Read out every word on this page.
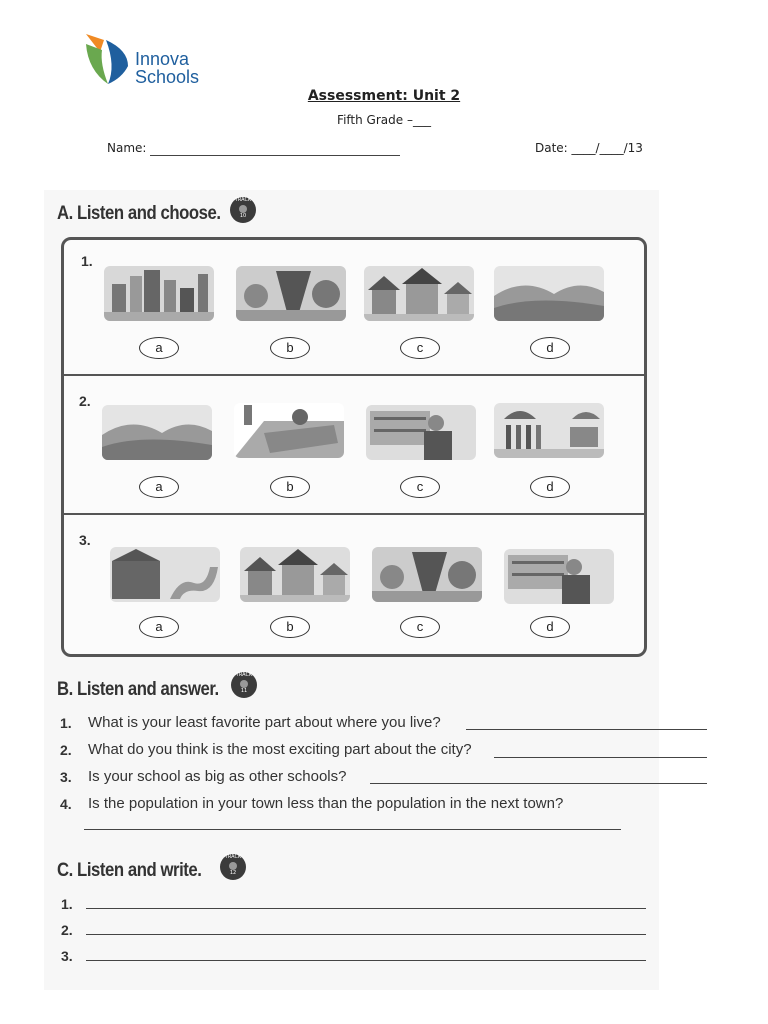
Innova
Schools
Assessment: Unit 2
Fifth Grade –___
Name:	Date: ____/____/13
A. Listen and choose.
TRACK
10
1.
2.
3.
a	b	c	d
a	b	c	d
a	b	c	d
B. Listen and answer.
TRACK
11
1. What is your least favorite part about where you live?
2. What do you think is the most exciting part about the city?
3. Is your school as big as other schools?
4. Is the population in your town less than the population in the next town?
C. Listen and write.
TRACK
12
1.
2.
3.
